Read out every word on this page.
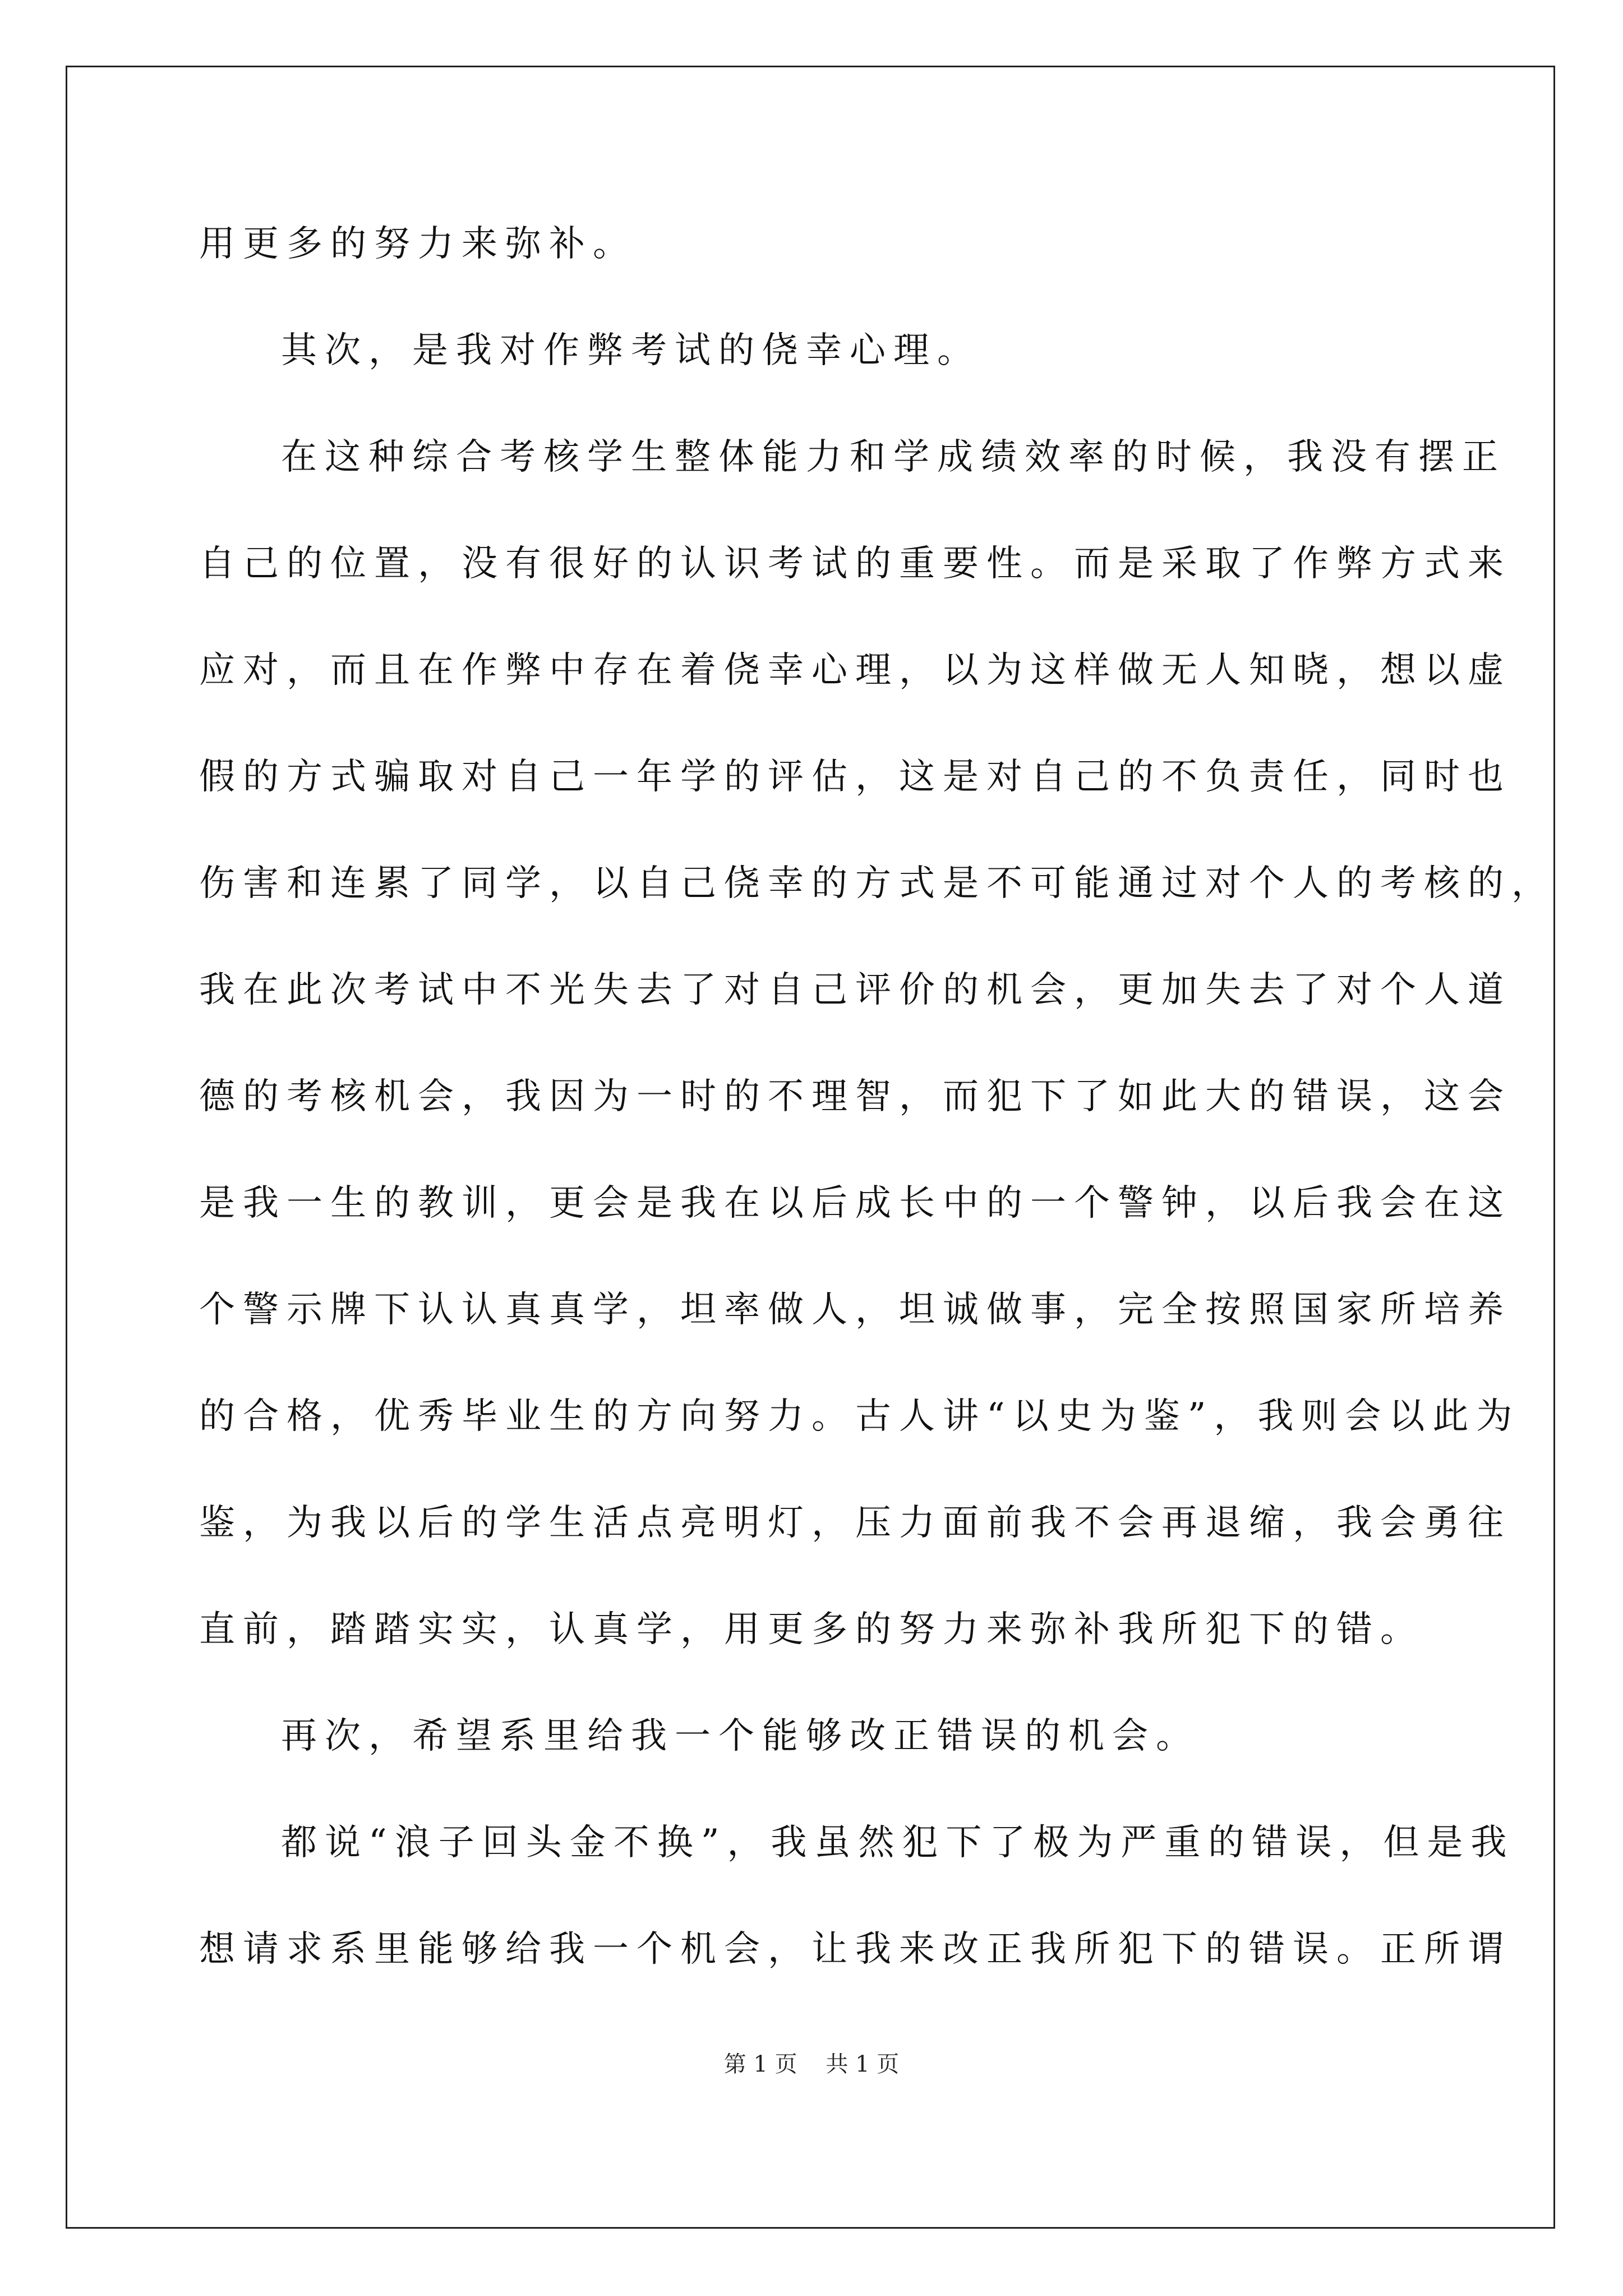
用更多的努力来弥补。
其次，是我对作弊考试的侥幸心理。
在这种综合考核学生整体能力和学成绩效率的时候，我没有摆正
自己的位置，没有很好的认识考试的重要性。而是采取了作弊方式来
应对，而且在作弊中存在着侥幸心理，以为这样做无人知晓，想以虚
假的方式骗取对自己一年学的评估，这是对自己的不负责任，同时也
伤害和连累了同学，以自己侥幸的方式是不可能通过对个人的考核的，
我在此次考试中不光失去了对自己评价的机会，更加失去了对个人道
德的考核机会，我因为一时的不理智，而犯下了如此大的错误，这会
是我一生的教训，更会是我在以后成长中的一个警钟，以后我会在这
个警示牌下认认真真学，坦率做人，坦诚做事，完全按照国家所培养
的合格，优秀毕业生的方向努力。古人讲“以史为鉴”，我则会以此为
鉴，为我以后的学生活点亮明灯，压力面前我不会再退缩，我会勇往
直前，踏踏实实，认真学，用更多的努力来弥补我所犯下的错。
再次，希望系里给我一个能够改正错误的机会。
都说“浪子回头金不换”，我虽然犯下了极为严重的错误，但是我
想请求系里能够给我一个机会，让我来改正我所犯下的错误。正所谓
第 1 页    共 1 页
